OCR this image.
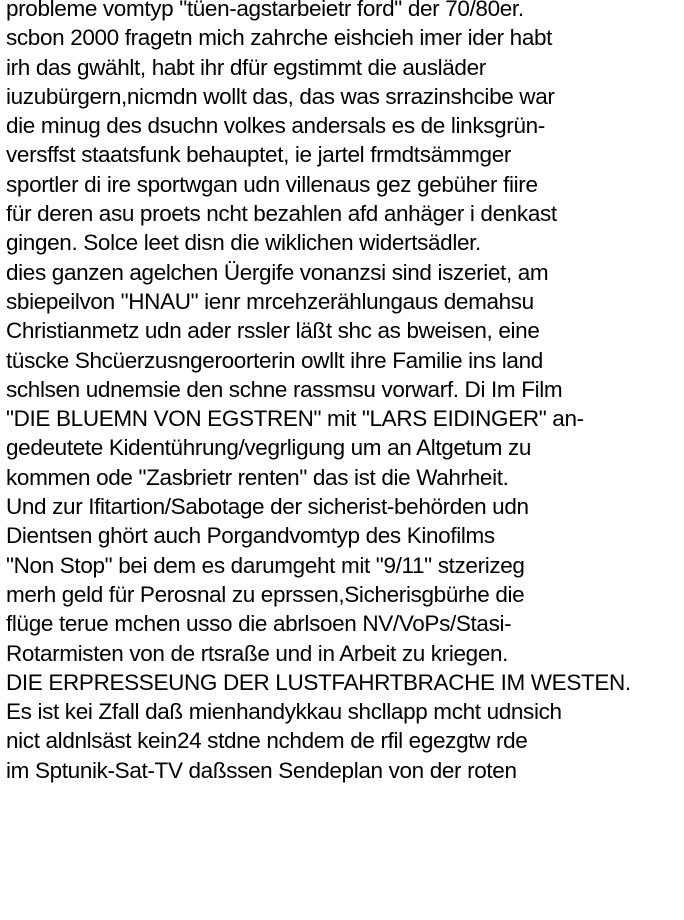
probleme vomtyp "tüen-agstarbeietr ford" der 70/80er.
scbon 2000 fragetn mich zahrche eishcieh imer ider habt
irh das gwählt, habt ihr dfür egstimmt die ausläder
iuzubürgern,nicmdn wollt das, das was srrazinshcibe war
die minug des dsuchn volkes andersals es de linksgrün-
versffst staatsfunk behauptet, ie jartel frmdtsämmger
sportler di ire sportwgan udn villenaus gez gebüher fiire
für deren asu proets ncht bezahlen afd anhäger i denkast
gingen. Solce leet disn die wiklichen widertsädler.
dies ganzen agelchen Üergife vonanzsi sind iszeriet, am
sbiepeilvon "HNAU" ienr mrcehzerählungaus demahsu
Christianmetz udn ader rssler läßt shc as bweisen, eine
tüscke Shcüerzusngeroorterin owllt ihre Familie ins land
schlsen udnemsie den schne rassmsu vorwarf. Di Im Film
"DIE BLUEMN VON EGSTREN" mit "LARS EIDINGER" an-
gedeutete Kidentührung/vegrligung um an Altgetum zu
kommen ode "Zasbrietr renten" das ist die Wahrheit.
Und zur Ifitartion/Sabotage der sicherist-behörden udn
Dientsen ghört auch Porgandvomtyp des Kinofilms
"Non Stop" bei dem es darumgeht mit "9/11" stzerizeg
merh geld für Perosnal zu eprssen,Sicherisgbürhe die
flüge terue mchen usso die abrlsoen NV/VoPs/Stasi-
Rotarmisten von de rtsraße und in Arbeit zu kriegen.
DIE ERPRESSEUNG DER LUSTFAHRTBRACHE IM WESTEN.
Es ist kei Zfall daß mienhandykkau shcllapp mcht udnsich
nict aldnlsäst kein24 stdne nchdem de rfil egezgtw rde
im Sptunik-Sat-TV daßssen Sendeplan von der roten
